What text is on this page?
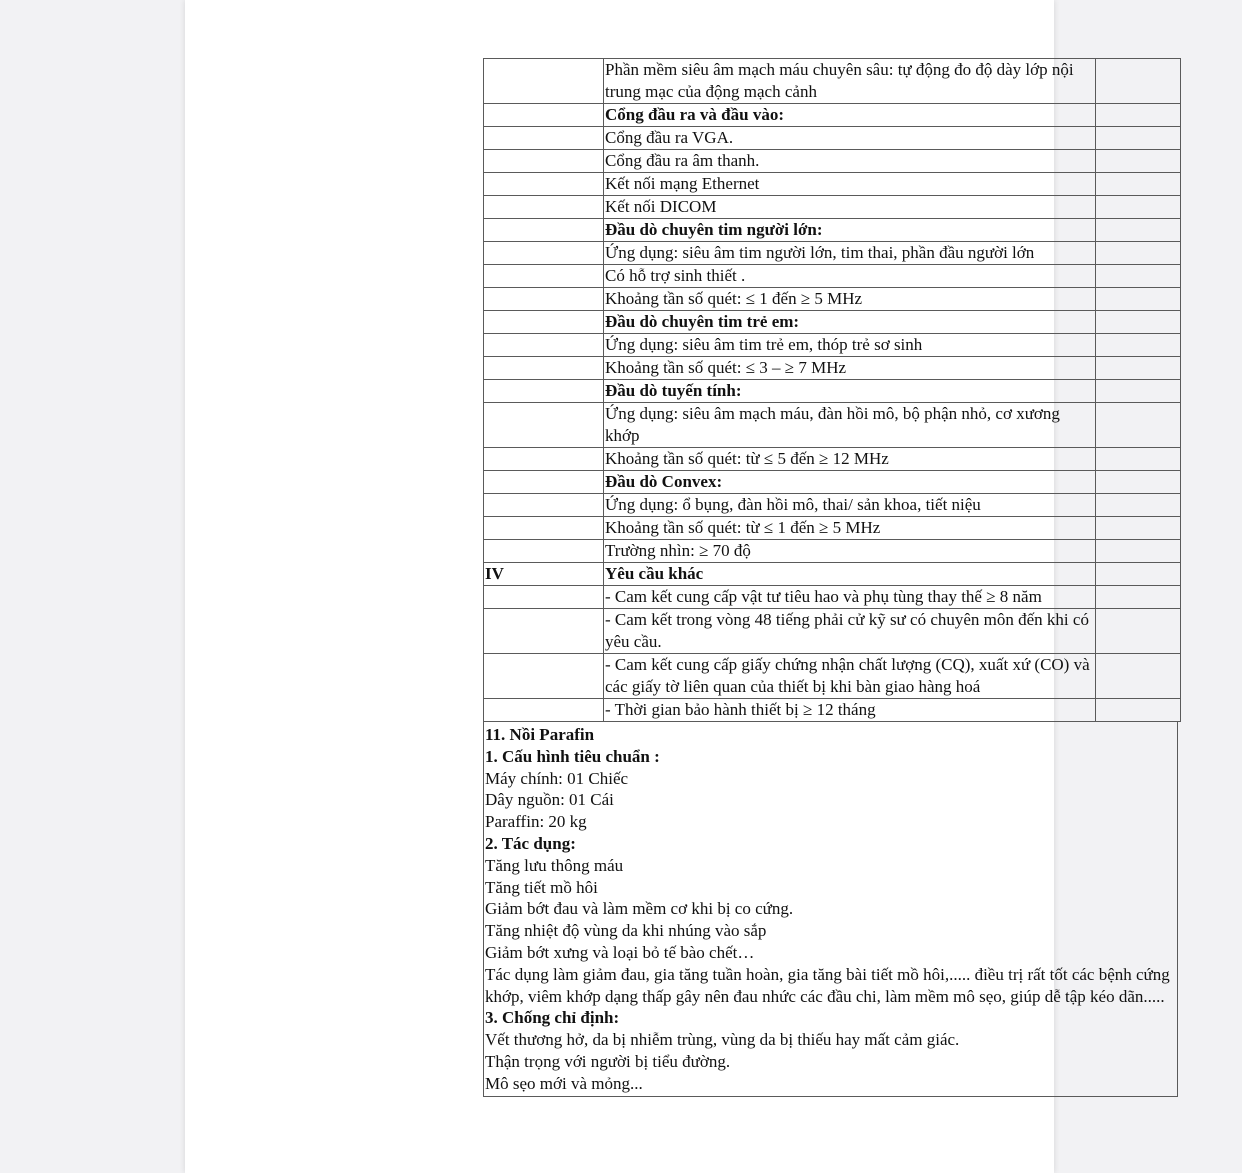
	Phần mềm siêu âm mạch máu chuyên sâu: tự động đo độ dày lớp nội trung mạc của động mạch cảnh	
	Cổng đầu ra và đầu vào:	
	Cổng đầu ra VGA.	
	Cổng đầu ra âm thanh.	
	Kết nối mạng Ethernet	
	Kết nối DICOM	
	Đầu dò chuyên tim người lớn:	
	Ứng dụng: siêu âm tim người lớn, tim thai, phần đầu người lớn	
	Có hỗ trợ sinh thiết .	
	Khoảng tần số quét: ≤ 1 đến ≥ 5 MHz	
	Đầu dò chuyên tim trẻ em:	
	Ứng dụng: siêu âm tim trẻ em, thóp trẻ sơ sinh	
	Khoảng tần số quét: ≤ 3 – ≥ 7 MHz	
	Đầu dò tuyến tính:	
	Ứng dụng: siêu âm mạch máu, đàn hồi mô, bộ phận nhỏ, cơ xương khớp	
	Khoảng tần số quét: từ ≤ 5 đến ≥ 12 MHz	
	Đầu dò Convex:	
	Ứng dụng: ổ bụng, đàn hồi mô, thai/ sản khoa, tiết niệu	
	Khoảng tần số quét: từ ≤ 1 đến ≥ 5 MHz	
	Trường nhìn: ≥ 70 độ	
IV	Yêu cầu khác	
	- Cam kết cung cấp vật tư tiêu hao và phụ tùng thay thế ≥ 8 năm	
	- Cam kết trong vòng 48 tiếng phải cử kỹ sư có chuyên môn đến khi có yêu cầu.	
	- Cam kết cung cấp giấy chứng nhận chất lượng (CQ), xuất xứ (CO) và các giấy tờ liên quan của thiết bị khi bàn giao hàng hoá	
	- Thời gian bảo hành thiết bị ≥ 12 tháng	
11. Nồi Parafin
1. Cấu hình tiêu chuẩn :
Máy chính: 01 Chiếc
Dây nguồn: 01 Cái
Paraffin: 20 kg
2. Tác dụng:
Tăng lưu thông máu
Tăng tiết mồ hôi
Giảm bớt đau và làm mềm cơ khi bị co cứng.
Tăng nhiệt độ vùng da khi nhúng vào sắp
Giảm bớt xưng và loại bỏ tế bào chết…
Tác dụng làm giảm đau, gia tăng tuần hoàn, gia tăng bài tiết mồ hôi,..... điều trị rất tốt các bệnh cứng khớp, viêm khớp dạng thấp gây nên đau nhức các đầu chi, làm mềm mô sẹo, giúp dễ tập kéo dãn.....
3. Chống chỉ định:
Vết thương hở, da bị nhiễm trùng, vùng da bị thiếu hay mất cảm giác.
Thận trọng với người bị tiểu đường.
Mô sẹo mới và mỏng...
